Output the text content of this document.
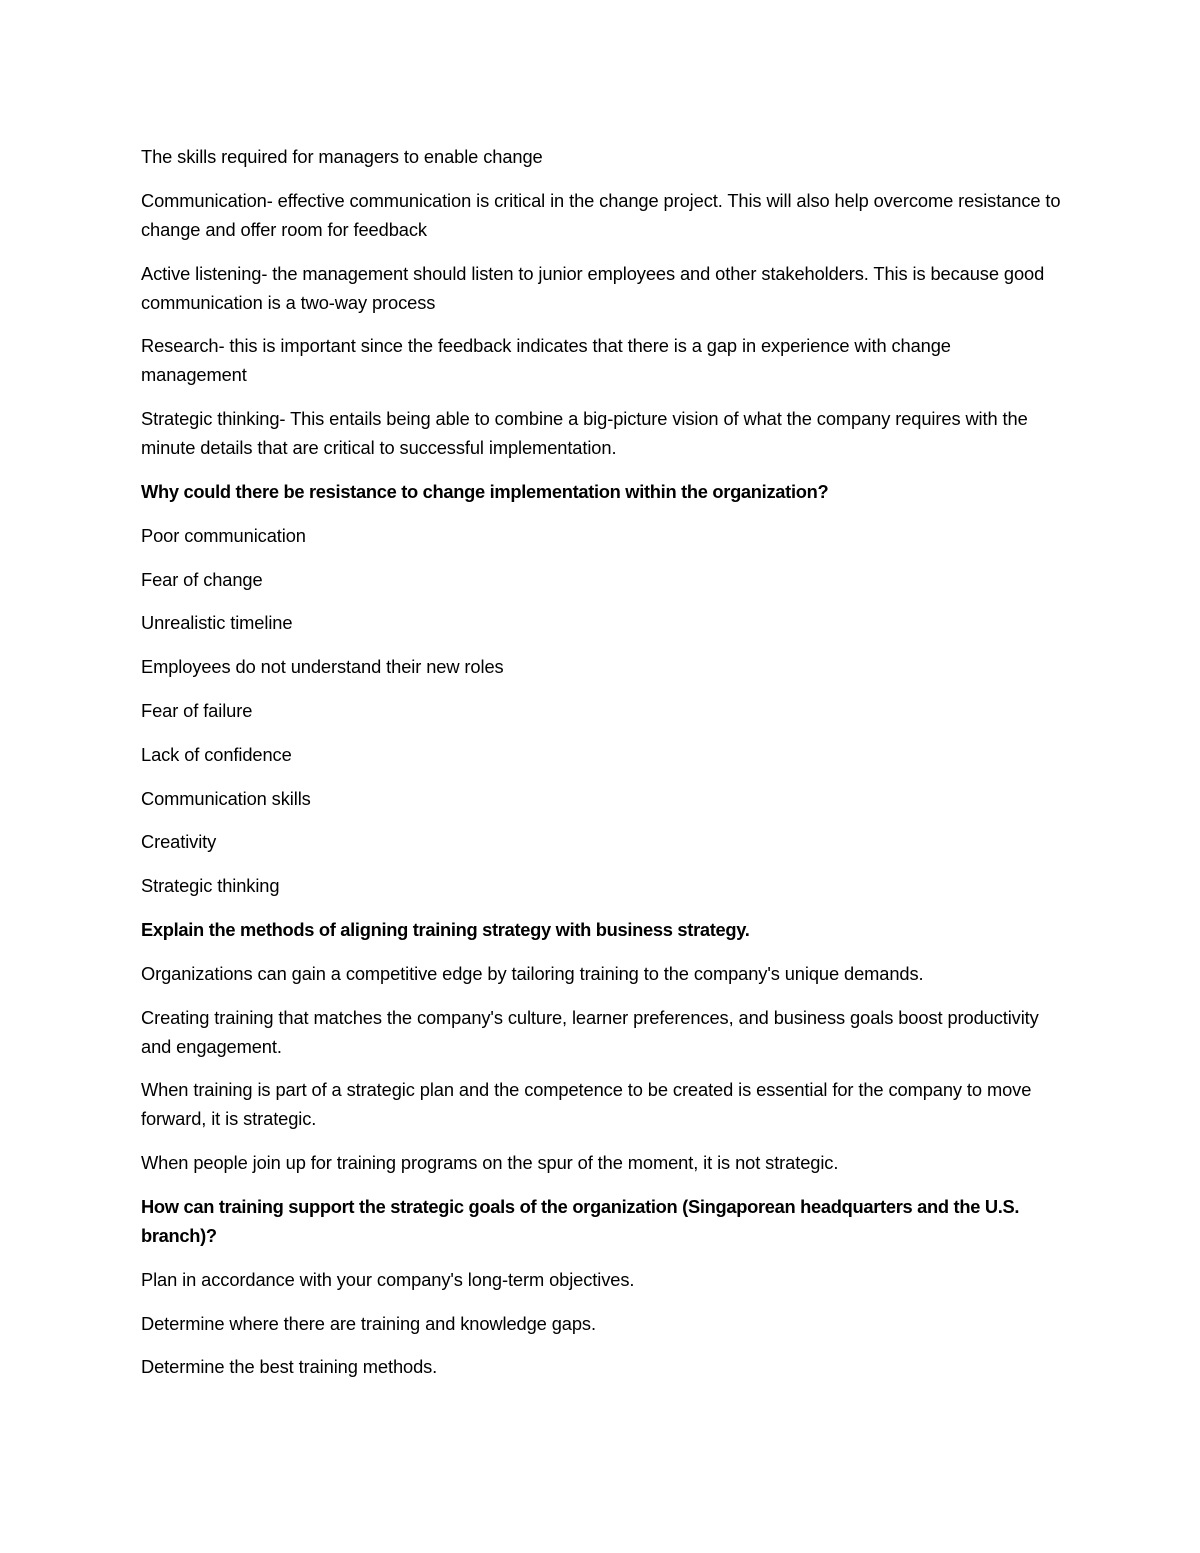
The skills required for managers to enable change

Communication- effective communication is critical in the change project. This will also help overcome resistance to change and offer room for feedback

Active listening- the management should listen to junior employees and other stakeholders. This is because good communication is a two-way process

Research- this is important since the feedback indicates that there is a gap in experience with change management

Strategic thinking- This entails being able to combine a big-picture vision of what the company requires with the minute details that are critical to successful implementation.

Why could there be resistance to change implementation within the organization?

Poor communication

Fear of change

Unrealistic timeline

Employees do not understand their new roles

Fear of failure

Lack of confidence

Communication skills

Creativity

Strategic thinking

Explain the methods of aligning training strategy with business strategy.

Organizations can gain a competitive edge by tailoring training to the company's unique demands.

Creating training that matches the company's culture, learner preferences, and business goals boost productivity and engagement.

When training is part of a strategic plan and the competence to be created is essential for the company to move forward, it is strategic.

When people join up for training programs on the spur of the moment, it is not strategic.

How can training support the strategic goals of the organization (Singaporean headquarters and the U.S. branch)?

Plan in accordance with your company's long-term objectives.

Determine where there are training and knowledge gaps.

Determine the best training methods.
